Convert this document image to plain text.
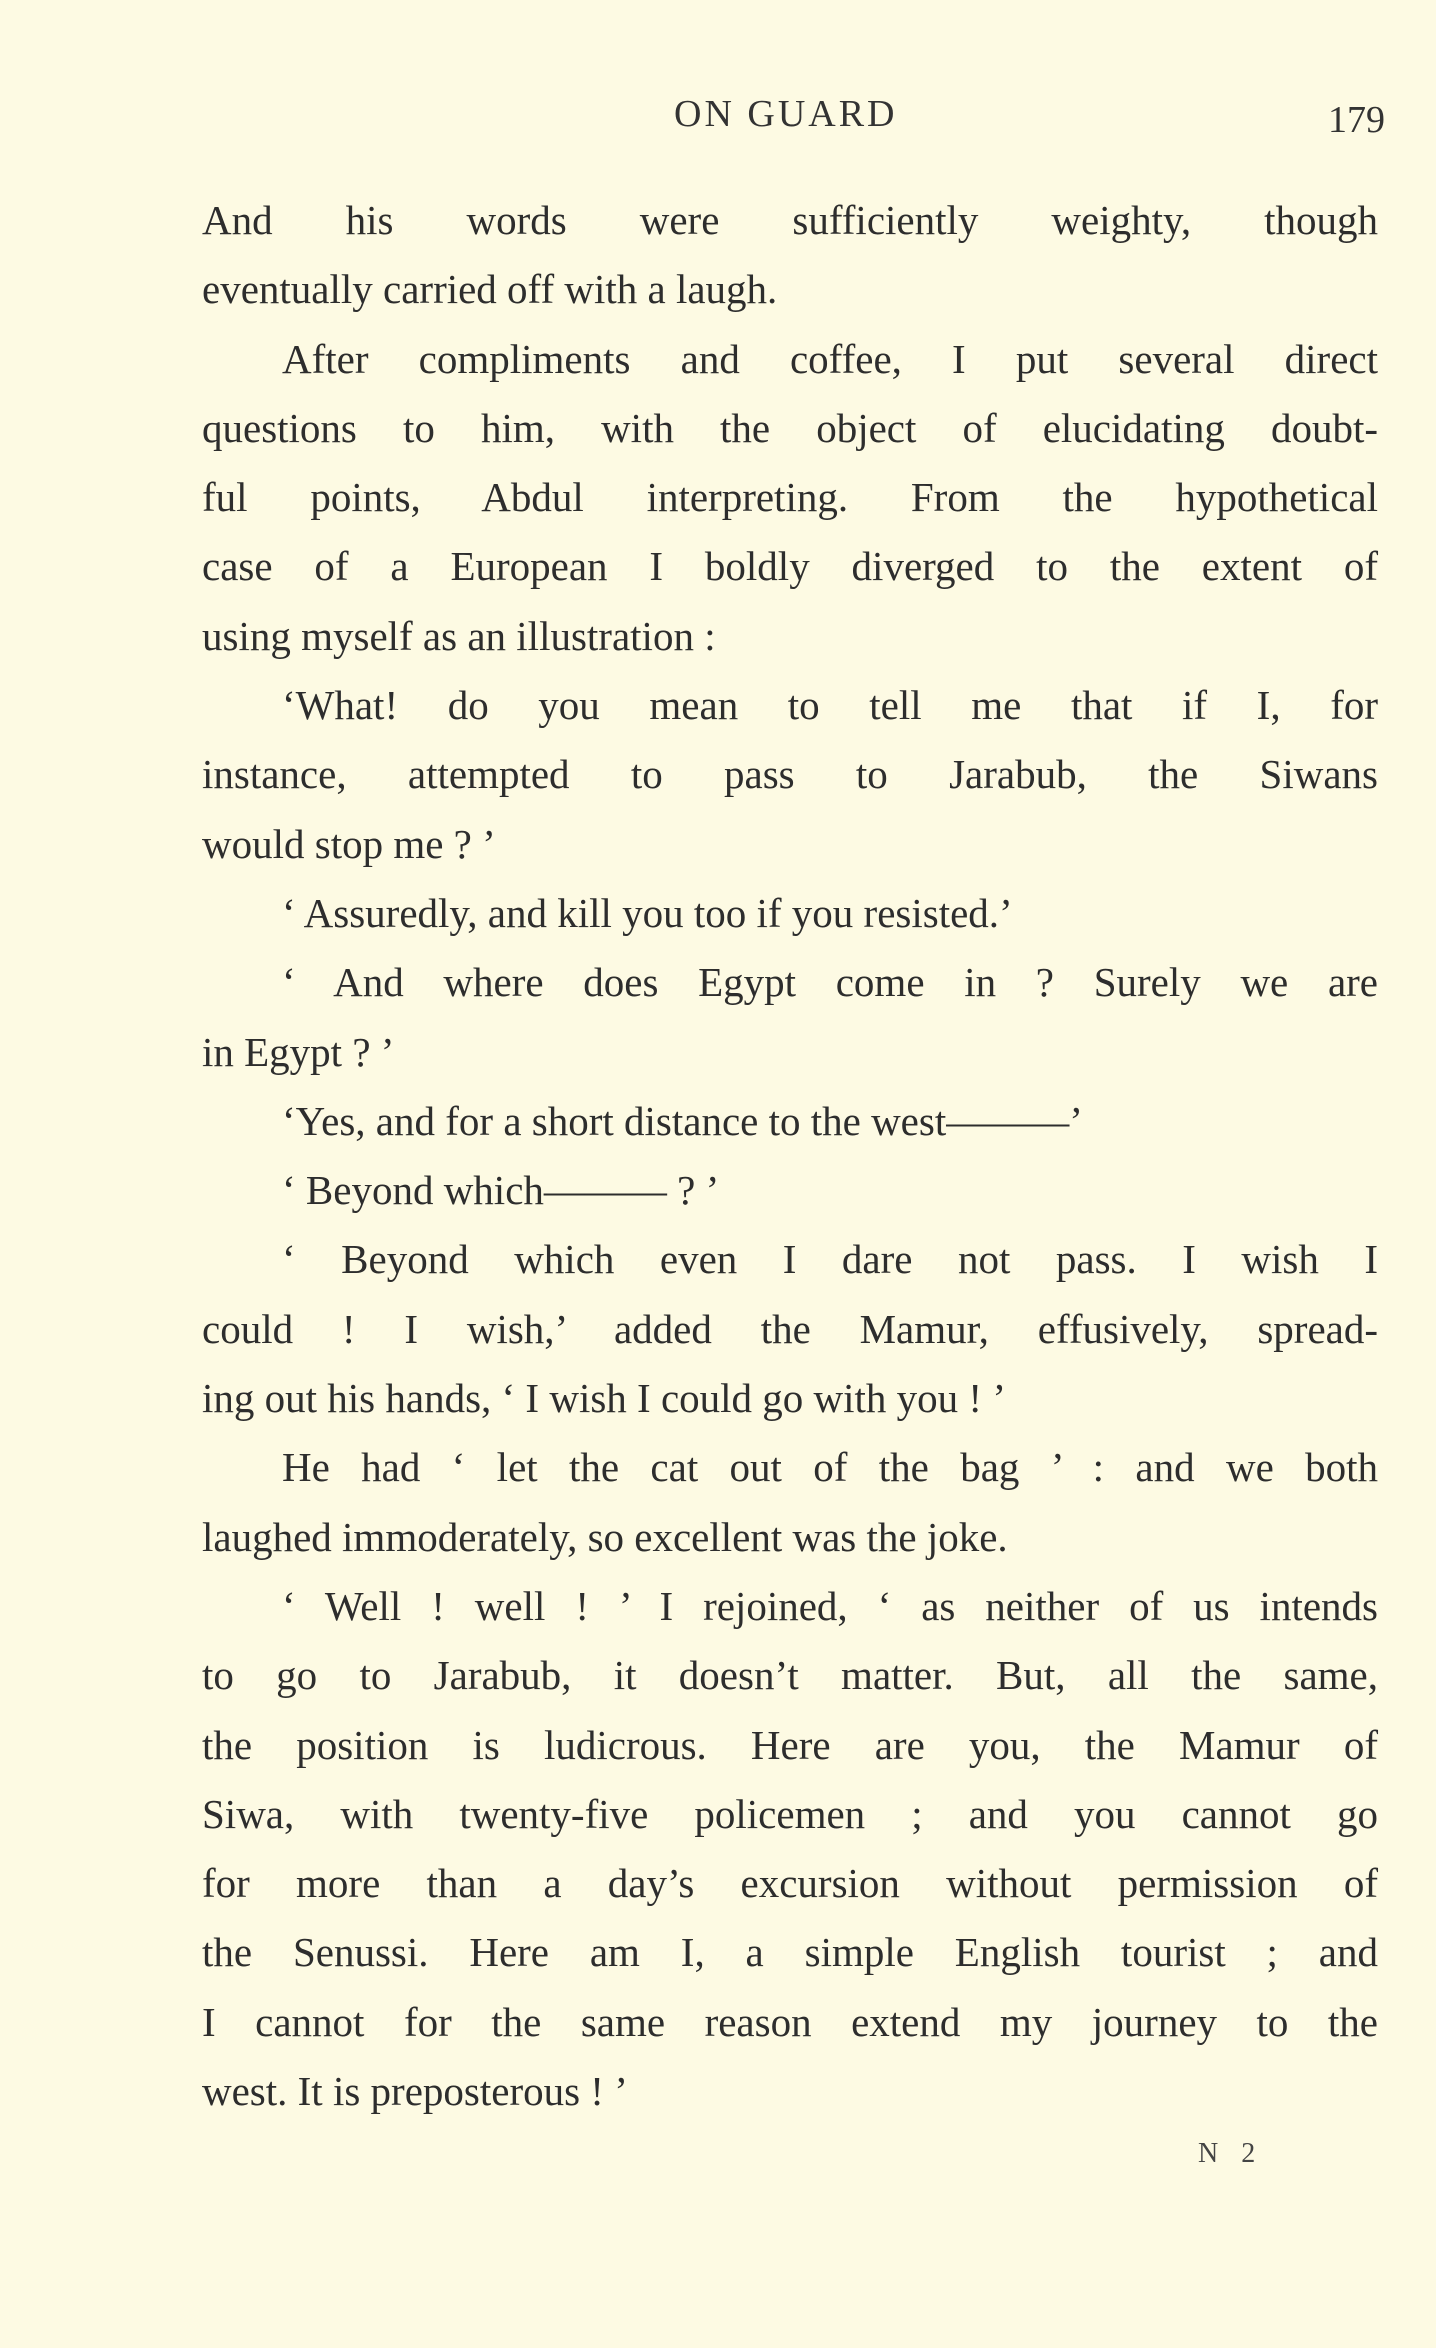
ON GUARD	179
And his words were sufficiently weighty, though
eventually carried off with a laugh.
After compliments and coffee, I put several direct
questions to him, with the object of elucidating doubt-
ful points, Abdul interpreting. From the hypothetical
case of a European I boldly diverged to the extent of
using myself as an illustration :
‘What! do you mean to tell me that if I, for
instance, attempted to pass to Jarabub, the Siwans
would stop me ? ’
‘ Assuredly, and kill you too if you resisted.’
‘ And where does Egypt come in ? Surely we are
in Egypt ? ’
‘Yes, and for a short distance to the west———’
‘ Beyond which——— ? ’
‘ Beyond which even I dare not pass. I wish I
could ! I wish,’ added the Mamur, effusively, spread-
ing out his hands, ‘ I wish I could go with you ! ’
He had ‘ let the cat out of the bag ’ : and we both
laughed immoderately, so excellent was the joke.
‘ Well ! well ! ’ I rejoined, ‘ as neither of us intends
to go to Jarabub, it doesn’t matter. But, all the same,
the position is ludicrous. Here are you, the Mamur of
Siwa, with twenty-five policemen ; and you cannot go
for more than a day’s excursion without permission of
the Senussi. Here am I, a simple English tourist ; and
I cannot for the same reason extend my journey to the
west. It is preposterous ! ’
N 2
